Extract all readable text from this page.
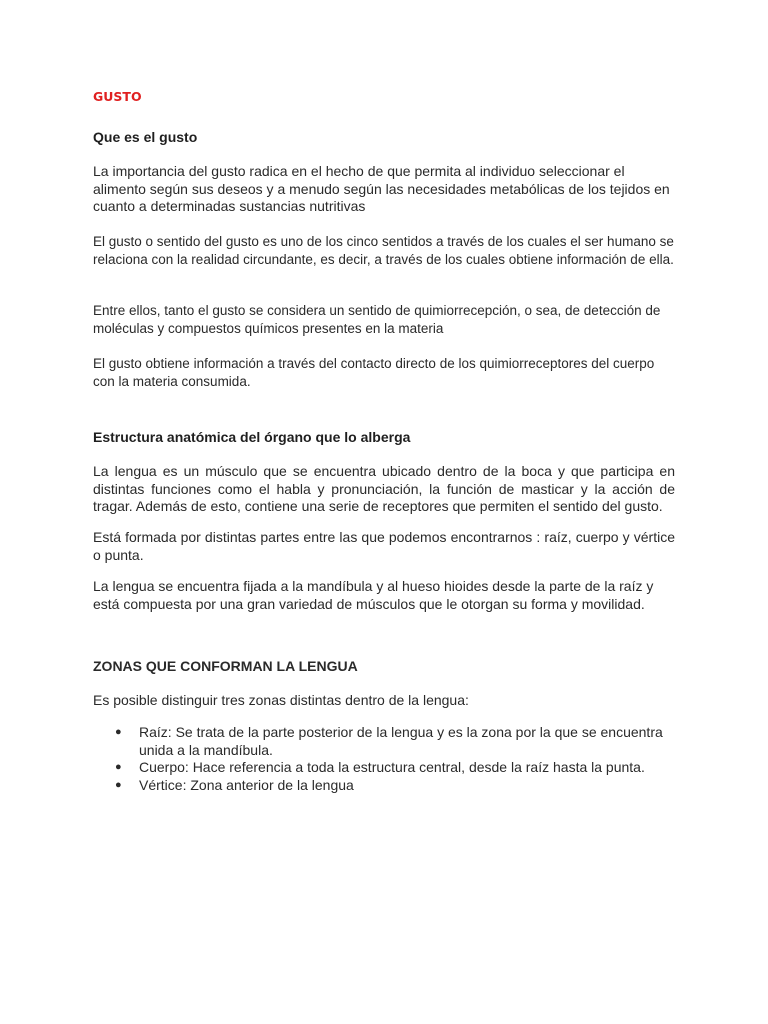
GUSTO
Que es el gusto

La importancia del gusto radica en el hecho de que permita al individuo seleccionar el alimento según sus deseos y a menudo según las necesidades metabólicas de los tejidos en cuanto a determinadas sustancias nutritivas

El gusto o sentido del gusto es uno de los cinco sentidos a través de los cuales el ser humano se relaciona con la realidad circundante, es decir, a través de los cuales obtiene información de ella.

Entre ellos, tanto el gusto se considera un sentido de quimiorrecepción, o sea, de detección de moléculas y compuestos químicos presentes en la materia

El gusto obtiene información a través del contacto directo de los quimiorreceptores del cuerpo con la materia consumida.

Estructura anatómica del órgano que lo alberga

La lengua es un músculo que se encuentra ubicado dentro de la boca y que participa en distintas funciones como el habla y pronunciación, la función de masticar y la acción de tragar. Además de esto, contiene una serie de receptores que permiten el sentido del gusto.

Está formada por distintas partes entre las que podemos encontrarnos : raíz, cuerpo y vértice o punta.

La lengua se encuentra fijada a la mandíbula y al hueso hioides desde la parte de la raíz y está compuesta por una gran variedad de músculos que le otorgan su forma y movilidad.

ZONAS QUE CONFORMAN LA LENGUA

Es posible distinguir tres zonas distintas dentro de la lengua:

● Raíz: Se trata de la parte posterior de la lengua y es la zona por la que se encuentra unida a la mandíbula.
● Cuerpo: Hace referencia a toda la estructura central, desde la raíz hasta la punta.
● Vértice: Zona anterior de la lengua
